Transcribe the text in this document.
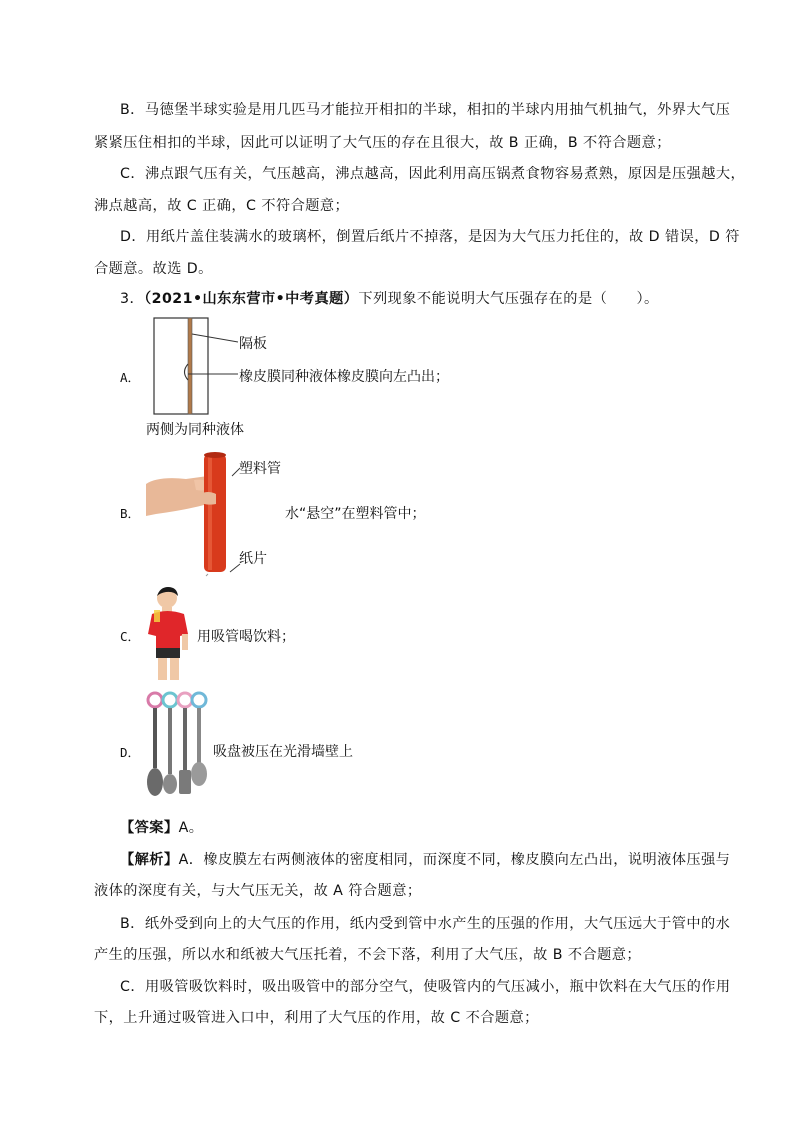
B．马德堡半球实验是用几匹马才能拉开相扣的半球，相扣的半球内用抽气机抽气，外界大气压
紧紧压住相扣的半球，因此可以证明了大气压的存在且很大，故 B 正确，B 不符合题意；
C．沸点跟气压有关，气压越高，沸点越高，因此利用高压锅煮食物容易煮熟，原因是压强越大，
沸点越高，故 C 正确，C 不符合题意；
D．用纸片盖住装满水的玻璃杯，倒置后纸片不掉落，是因为大气压力托住的，故 D 错误，D 符
合题意。故选 D。
3．（2021•山东东营市•中考真题）下列现象不能说明大气压强存在的是（　　）。
A．
隔板
橡皮膜同种液体橡皮膜向左凸出；
两侧为同种液体
B．
塑料管
水“悬空”在塑料管中；
纸片
C．	用吸管喝饮料；
D．	吸盘被压在光滑墙壁上
【答案】A。
【解析】A．橡皮膜左右两侧液体的密度相同，而深度不同，橡皮膜向左凸出，说明液体压强与
液体的深度有关，与大气压无关，故 A 符合题意；
B．纸外受到向上的大气压的作用，纸内受到管中水产生的压强的作用，大气压远大于管中的水
产生的压强，所以水和纸被大气压托着，不会下落，利用了大气压，故 B 不合题意；
C．用吸管吸饮料时，吸出吸管中的部分空气，使吸管内的气压减小，瓶中饮料在大气压的作用
下，上升通过吸管进入口中，利用了大气压的作用，故 C 不合题意；
